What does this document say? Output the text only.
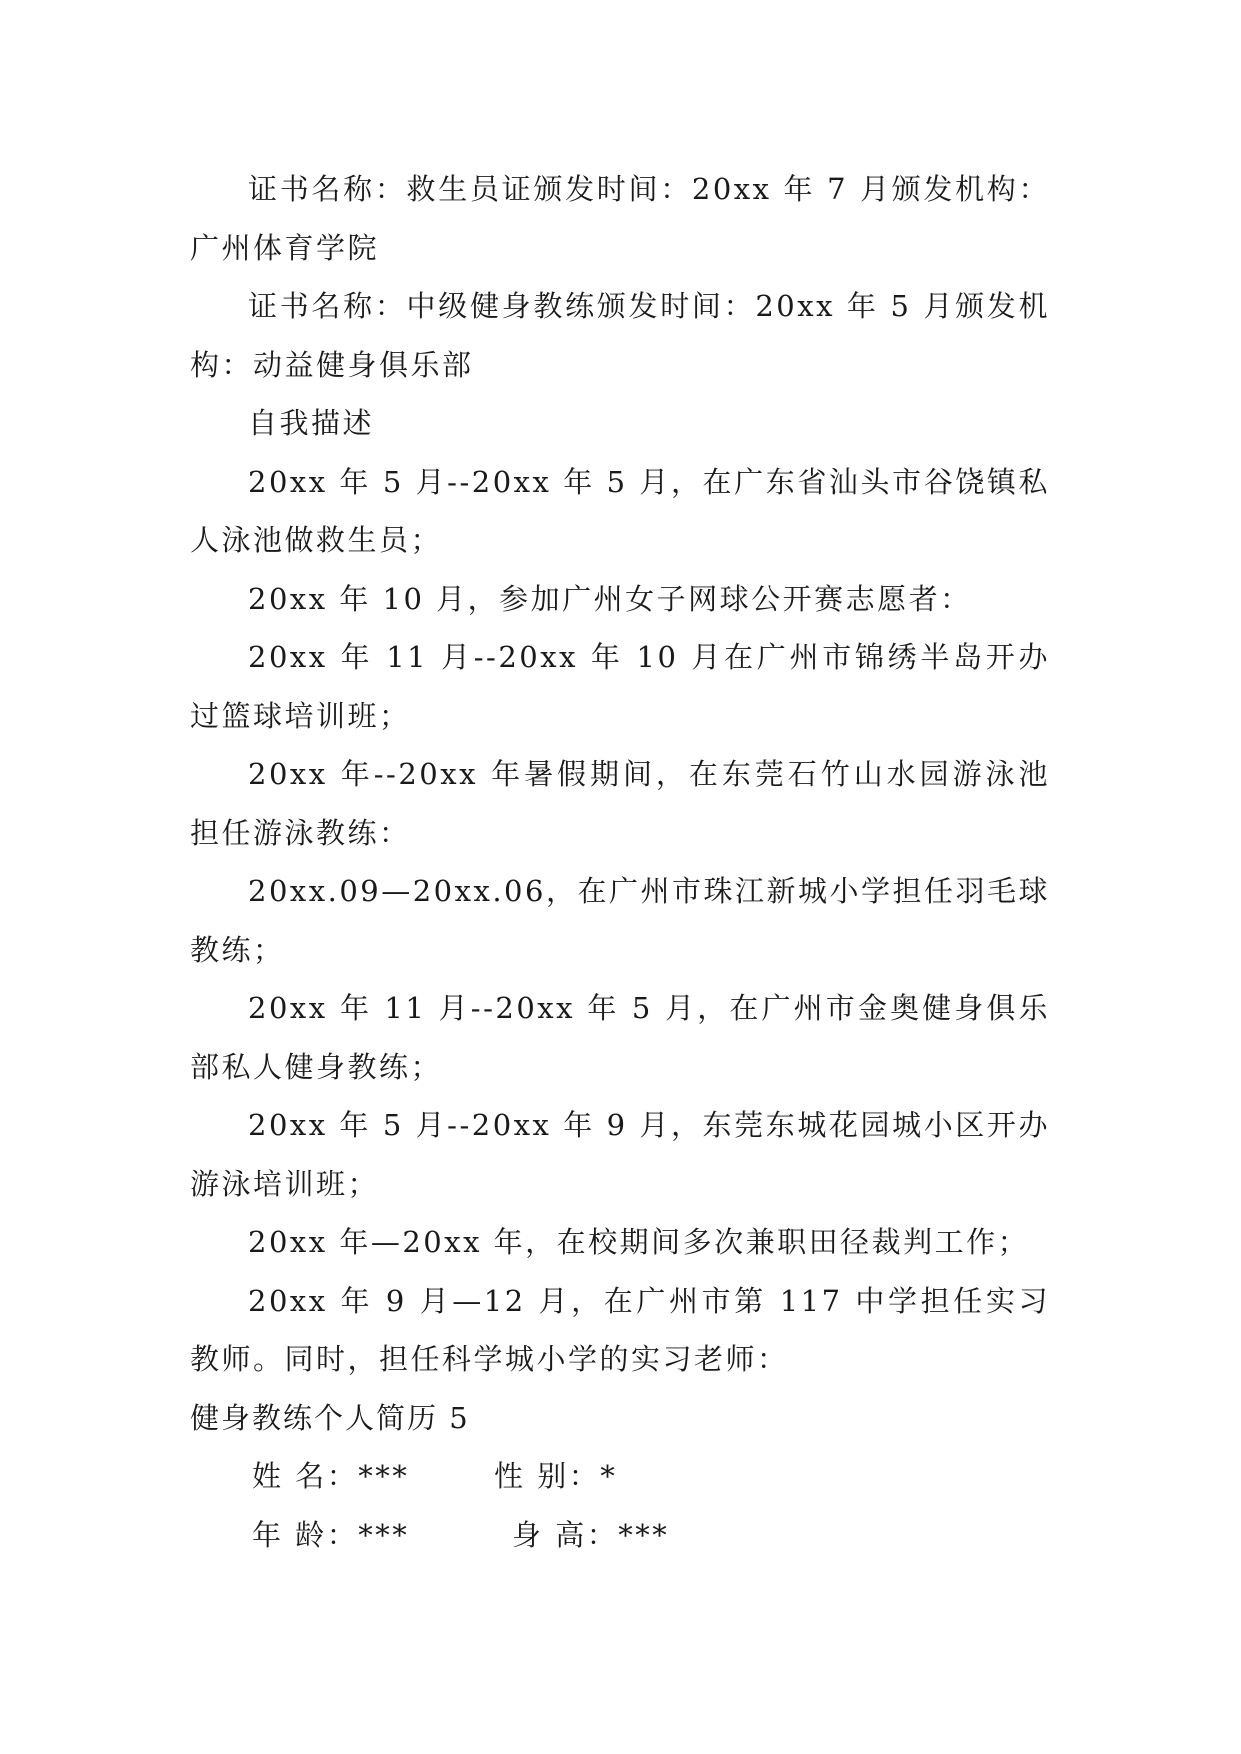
证书名称：救生员证颁发时间：20xx 年 7 月颁发机构：广州体育学院

证书名称：中级健身教练颁发时间：20xx 年 5 月颁发机构：动益健身俱乐部

自我描述

20xx 年 5 月--20xx 年 5 月，在广东省汕头市谷饶镇私人泳池做救生员；

20xx 年 10 月，参加广州女子网球公开赛志愿者：

20xx 年 11 月--20xx 年 10 月在广州市锦绣半岛开办过篮球培训班；

20xx 年--20xx 年暑假期间，在东莞石竹山水园游泳池担任游泳教练：

20xx.09—20xx.06，在广州市珠江新城小学担任羽毛球教练；

20xx 年 11 月--20xx 年 5 月，在广州市金奥健身俱乐部私人健身教练；

20xx 年 5 月--20xx 年 9 月，东莞东城花园城小区开办游泳培训班；

20xx 年—20xx 年，在校期间多次兼职田径裁判工作；

20xx 年 9 月—12 月，在广州市第 117 中学担任实习教师。同时，担任科学城小学的实习老师：

健身教练个人简历 5

姓 名：***	性 别：*

年 龄：***	身 高：***
